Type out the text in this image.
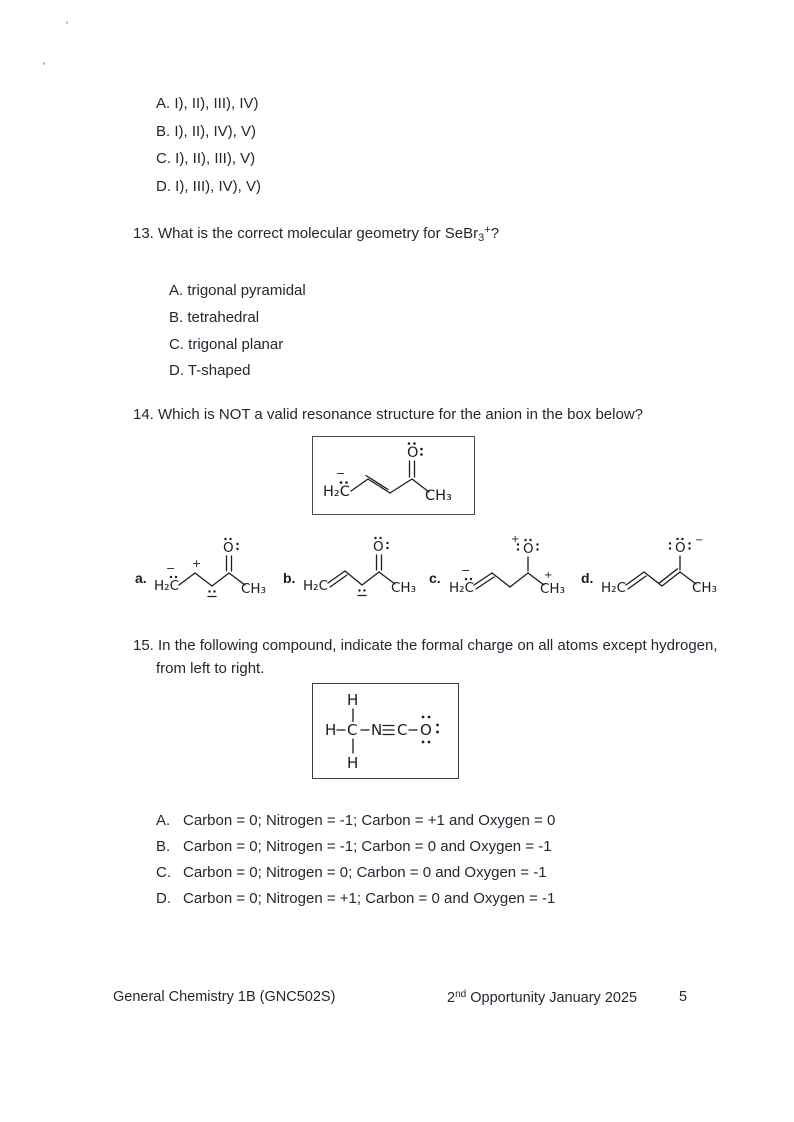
A. I), II), III), IV)
B. I), II), IV), V)
C. I), II), III), V)
D. I), III), IV), V)
13. What is the correct molecular geometry for SeBr$_3$+?
A. trigonal pyramidal
B. tetrahedral
C. trigonal planar
D. T-shaped
14. Which is NOT a valid resonance structure for the anion in the box below?
H₂C
−
O
CH₃
a. H₂C
− +
O
CH₃
b. H₂C
O
CH₃
c.
H₂C
−
+
O
+
CH₃
d.
H₂C
O −
CH₃
15. In the following compound, indicate the formal charge on all atoms except hydrogen,
from left to right.
H C N C O
H
H
A. Carbon = 0; Nitrogen = -1; Carbon = +1 and Oxygen = 0
B. Carbon = 0; Nitrogen = -1; Carbon = 0 and Oxygen = -1
C. Carbon = 0; Nitrogen = 0; Carbon = 0 and Oxygen = -1
D. Carbon = 0; Nitrogen = +1; Carbon = 0 and Oxygen = -1
General Chemistry 1B (GNC502S)	2nd Opportunity January 2025	5
